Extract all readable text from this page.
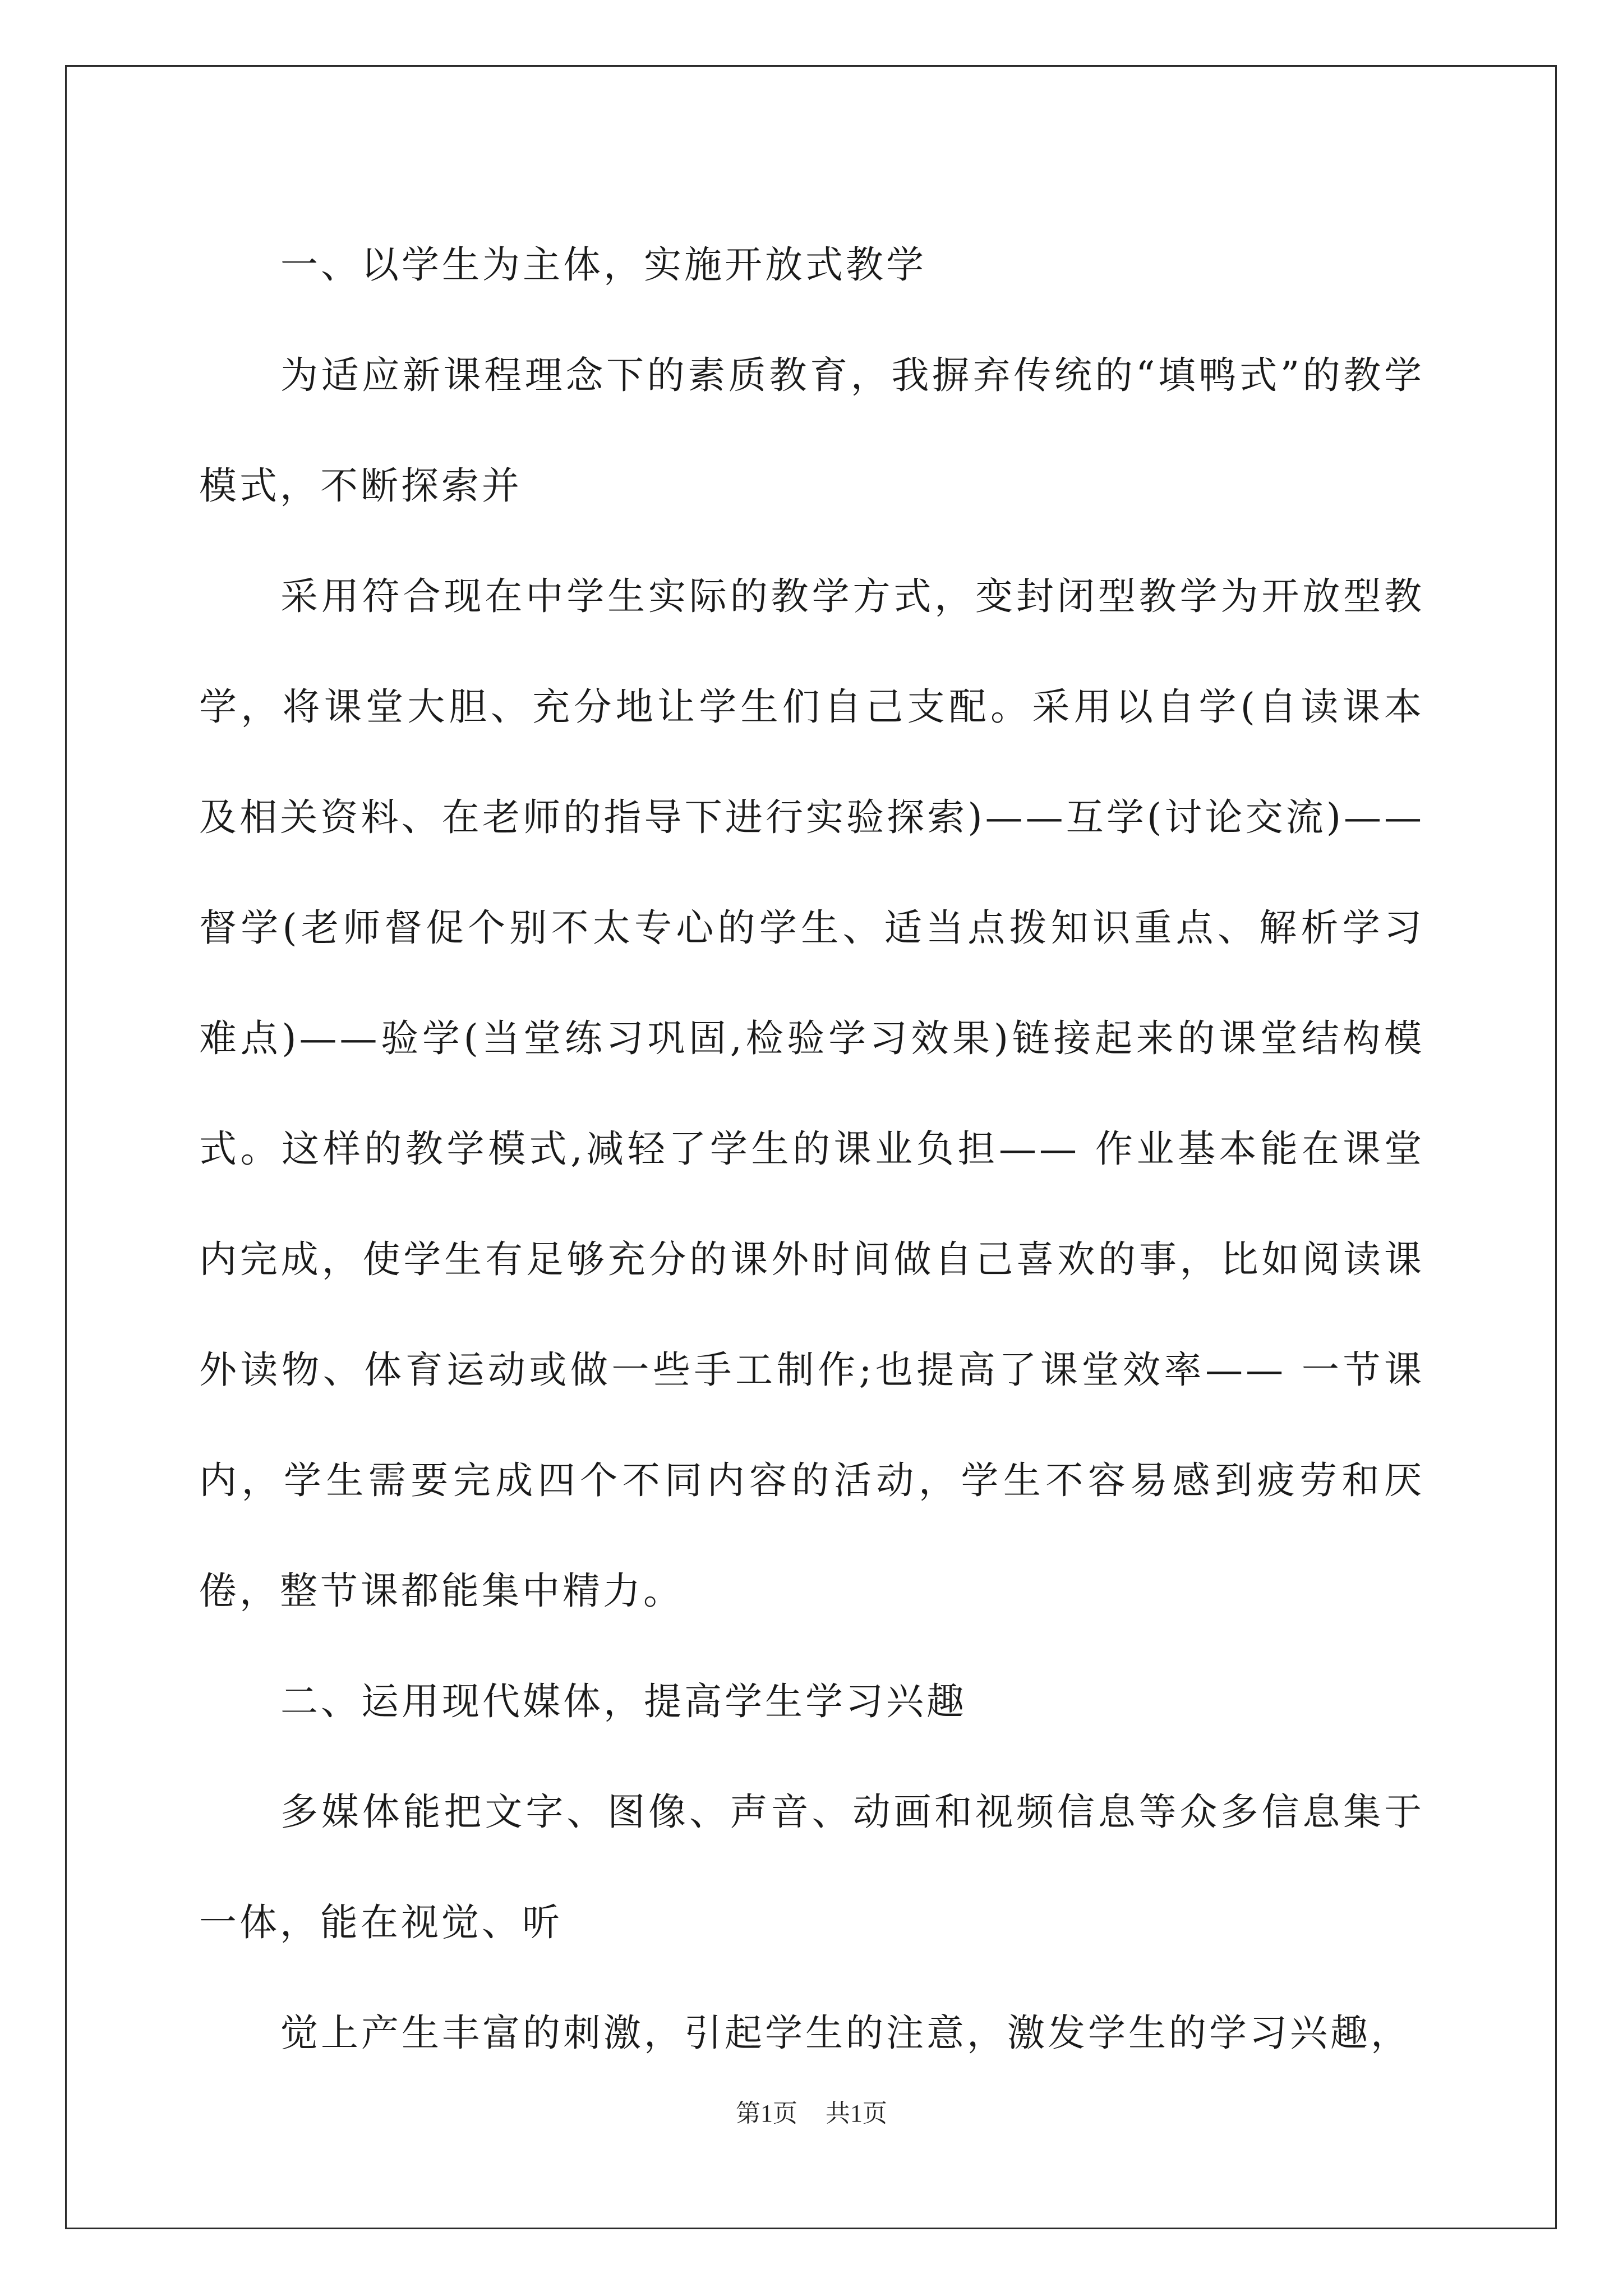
一、以学生为主体，实施开放式教学

为适应新课程理念下的素质教育，我摒弃传统的“填鸭式”的教学模式，不断探索并

采用符合现在中学生实际的教学方式，变封闭型教学为开放型教学，将课堂大胆、充分地让学生们自己支配。采用以自学(自读课本及相关资料、在老师的指导下进行实验探索)——互学(讨论交流)——督学(老师督促个别不太专心的学生、适当点拨知识重点、解析学习难点)——验学(当堂练习巩固,检验学习效果)链接起来的课堂结构模式。这样的教学模式,减轻了学生的课业负担—— 作业基本能在课堂内完成，使学生有足够充分的课外时间做自己喜欢的事，比如阅读课外读物、体育运动或做一些手工制作;也提高了课堂效率—— 一节课内，学生需要完成四个不同内容的活动，学生不容易感到疲劳和厌倦，整节课都能集中精力。

二、运用现代媒体，提高学生学习兴趣

多媒体能把文字、图像、声音、动画和视频信息等众多信息集于一体，能在视觉、听

觉上产生丰富的刺激，引起学生的注意，激发学生的学习兴趣，

第1页 共1页
